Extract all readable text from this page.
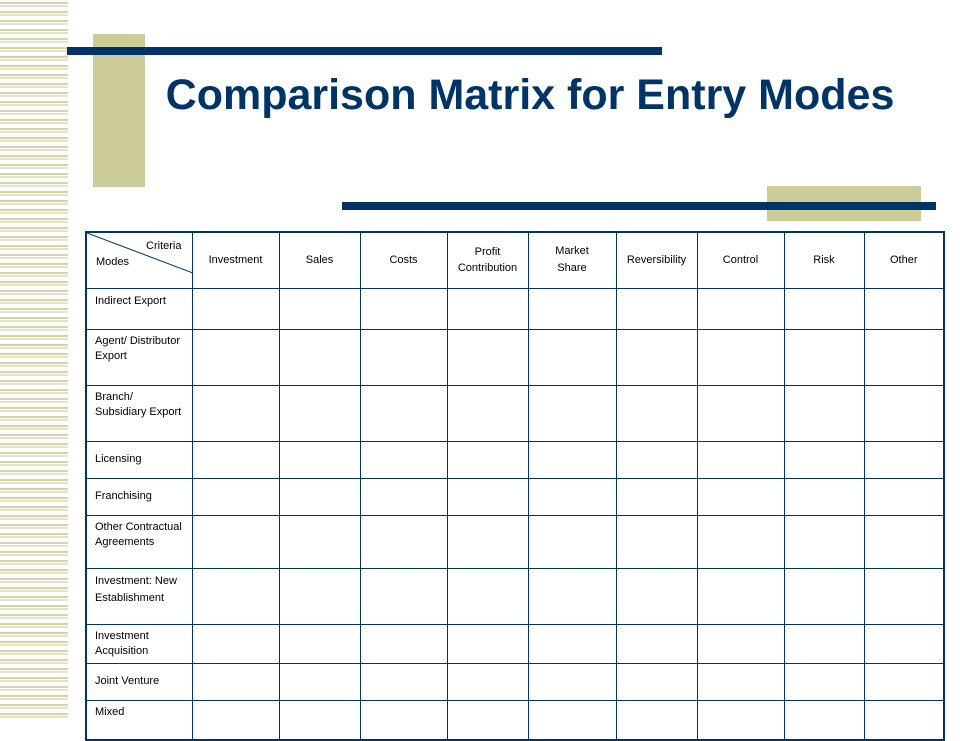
Comparison Matrix for Entry Modes
Criteria
Modes	Investment	Sales	Costs	Profit Contribution	Market Share	Reversibility	Control	Risk	Other
Indirect Export									
Agent/ Distributor Export									
Branch/ Subsidiary Export									
Licensing									
Franchising									
Other Contractual Agreements									
Investment: New Establishment									
Investment Acquisition									
Joint Venture									
Mixed									
